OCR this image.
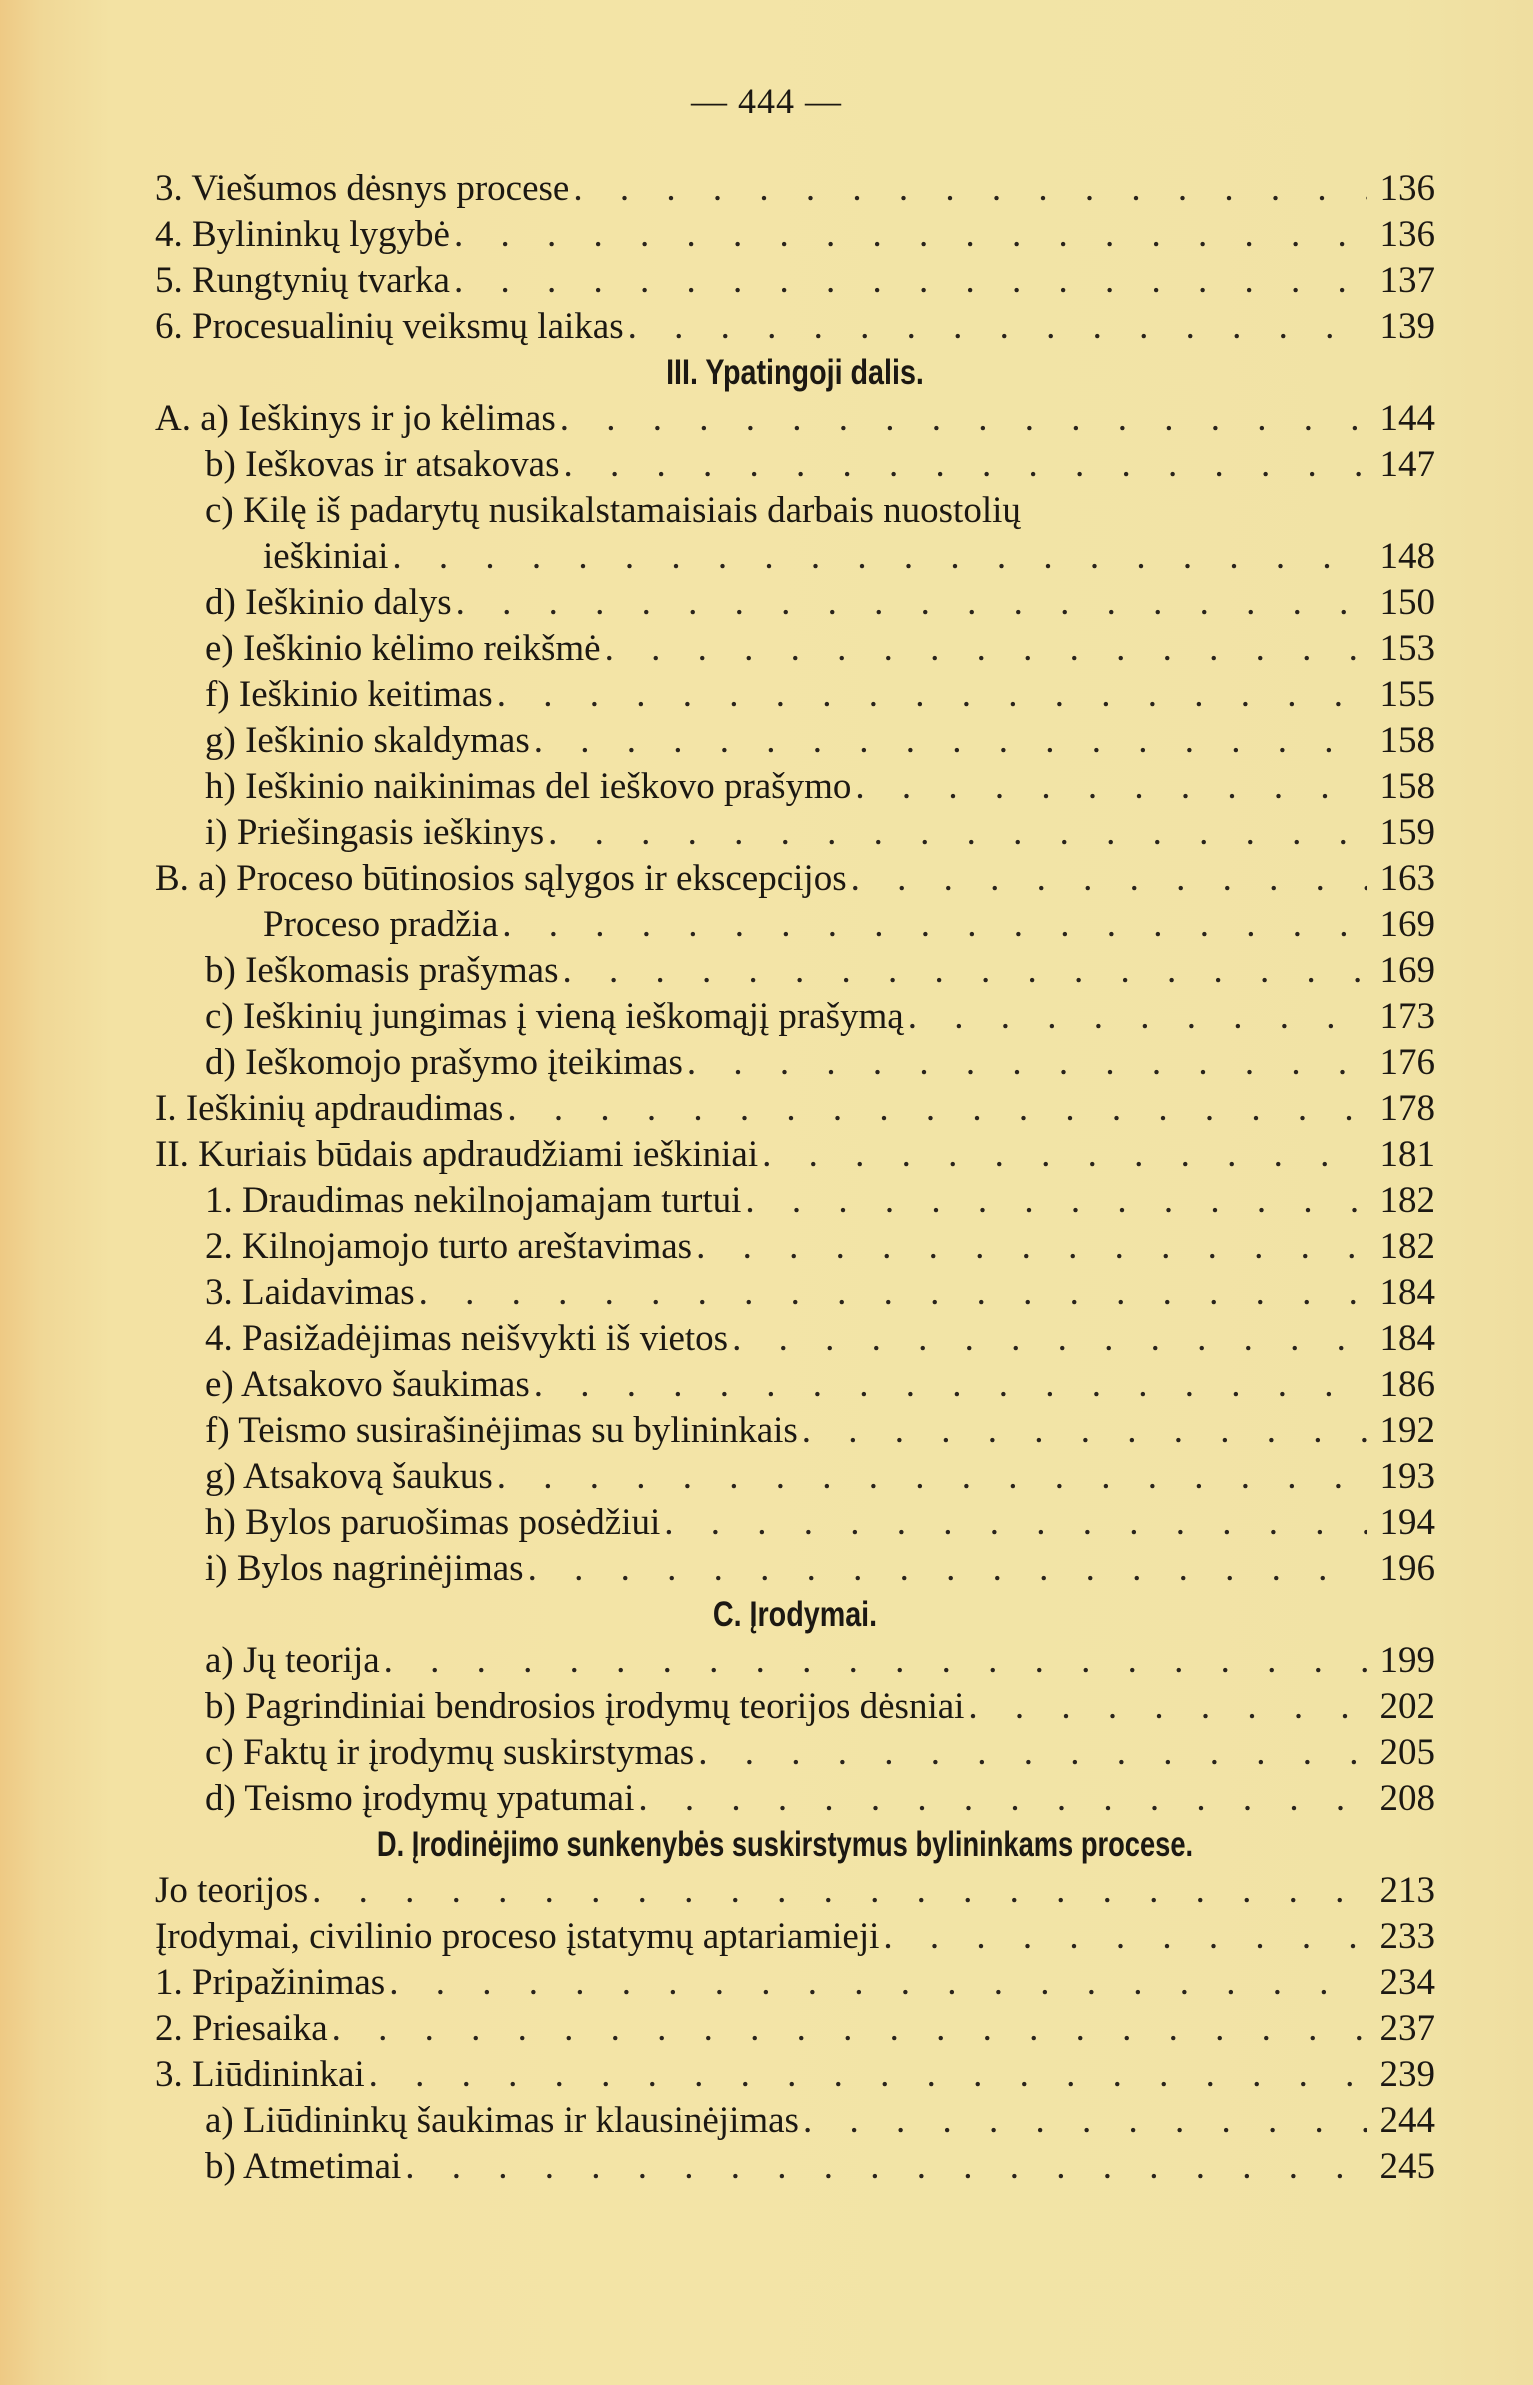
— 444 —
3. Viešumos dėsnys procese . . .	136
4. Bylininkų lygybė . . .	136
5. Rungtynių tvarka . . .	137
6. Procesualinių veiksmų laikas . . .	139
III. Ypatingoji dalis.
A. a) Ieškinys ir jo kėlimas . . .	144
b) Ieškovas ir atsakovas . . .	147
c) Kilę iš padarytų nusikalstamaisiais darbais nuostolių
ieškiniai . . .	148
d) Ieškinio dalys . . .	150
e) Ieškinio kėlimo reikšmė . . .	153
f) Ieškinio keitimas . . .	155
g) Ieškinio skaldymas . . .	158
h) Ieškinio naikinimas del ieškovo prašymo . . .	158
i) Priešingasis ieškinys . . .	159
B. a) Proceso būtinosios sąlygos ir ekscepcijos . . .	163
Proceso pradžia . . .	169
b) Ieškomasis prašymas . . .	169
c) Ieškinių jungimas į vieną ieškomąjį prašymą . . .	173
d) Ieškomojo prašymo įteikimas . . .	176
I. Ieškinių apdraudimas . . .	178
II. Kuriais būdais apdraudžiami ieškiniai . . .	181
1. Draudimas nekilnojamajam turtui . . .	182
2. Kilnojamojo turto areštavimas . . .	182
3. Laidavimas . . .	184
4. Pasižadėjimas neišvykti iš vietos . . .	184
e) Atsakovo šaukimas . . .	186
f) Teismo susirašinėjimas su bylininkais . . .	192
g) Atsakovą šaukus . . .	193
h) Bylos paruošimas posėdžiui . . .	194
i) Bylos nagrinėjimas . . .	196
C. Įrodymai.
a) Jų teorija . . .	199
b) Pagrindiniai bendrosios įrodymų teorijos dėsniai . . .	202
c) Faktų ir įrodymų suskirstymas . . .	205
d) Teismo įrodymų ypatumai . . .	208
D. Įrodinėjimo sunkenybės suskirstymus bylininkams procese.
Jo teorijos . . .	213
Įrodymai, civilinio proceso įstatymų aptariamieji . . .	233
1. Pripažinimas . . .	234
2. Priesaika . . .	237
3. Liūdininkai . . .	239
a) Liūdininkų šaukimas ir klausinėjimas . . .	244
b) Atmetimai . . .	245
